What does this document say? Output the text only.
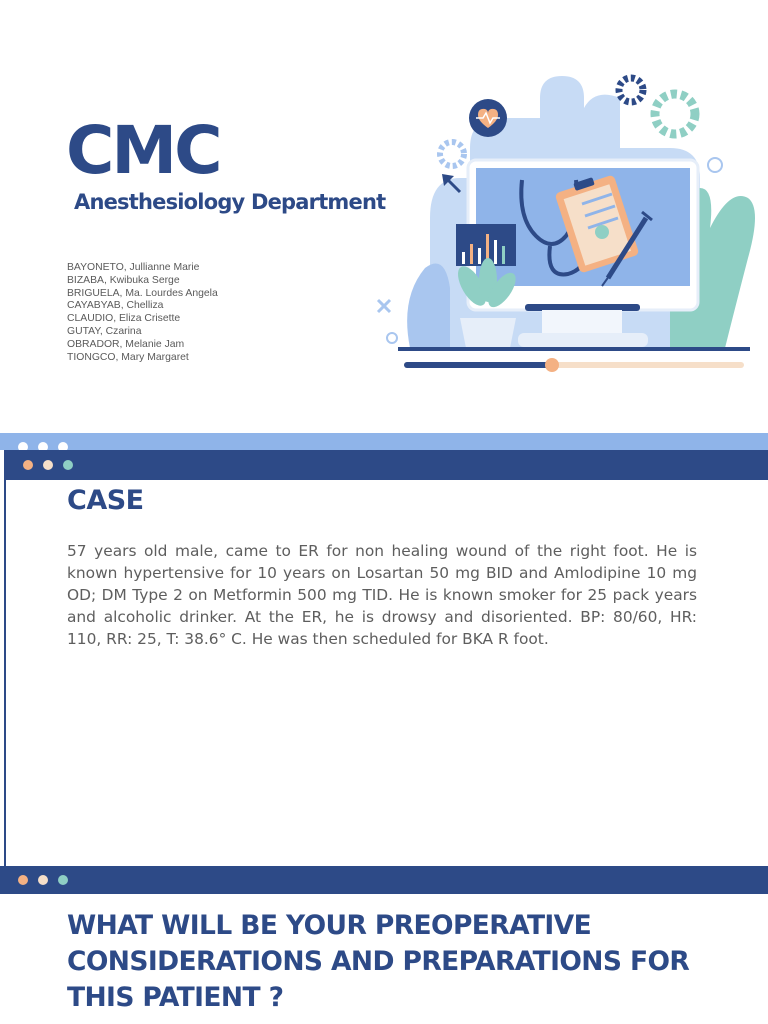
CMC
Anesthesiology Department
BAYONETO, Jullianne Marie
BIZABA, Kwibuka Serge
BRIGUELA, Ma. Lourdes Angela
CAYABYAB, Chelliza
CLAUDIO, Eliza Crisette
GUTAY, Czarina
OBRADOR, Melanie Jam
TIONGCO, Mary Margaret
CASE

57 years old male, came to ER for non healing wound of the right foot. He is known hypertensive for 10 years on Losartan 50 mg BID and Amlodipine 10 mg OD; DM Type 2 on Metformin 500 mg TID. He is known smoker for 25 pack years and alcoholic drinker. At the ER, he is drowsy and disoriented. BP: 80/60, HR: 110, RR: 25, T: 38.6° C. He was then scheduled for BKA R foot.

WHAT WILL BE YOUR PREOPERATIVE CONSIDERATIONS AND PREPARATIONS FOR THIS PATIENT ?
